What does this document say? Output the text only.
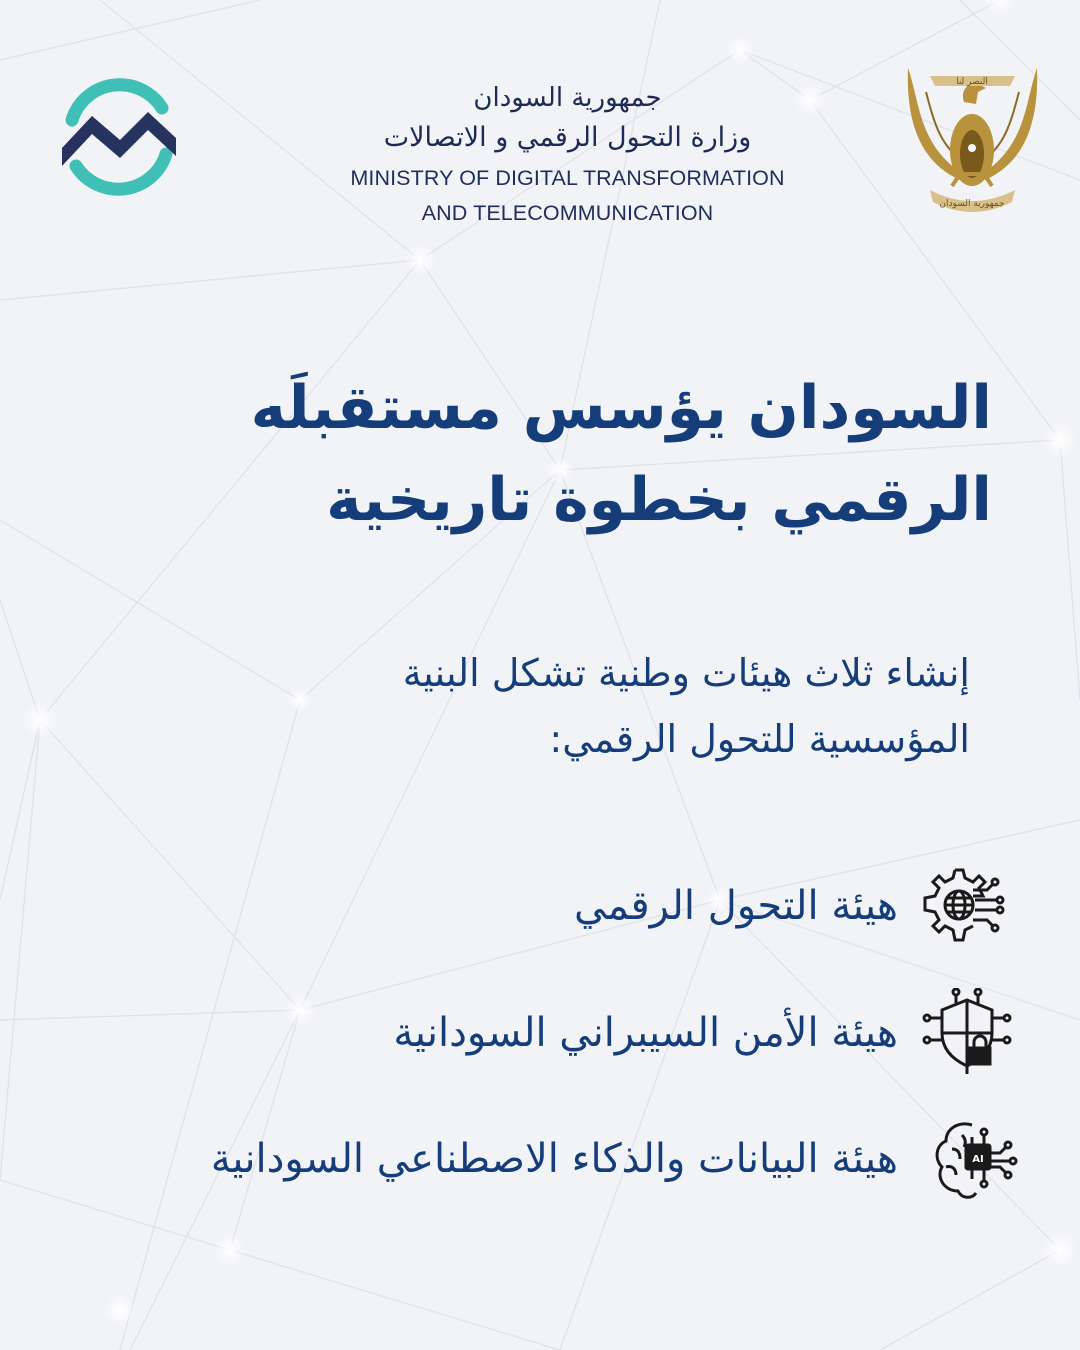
النصر لنا
جمهورية السودان
جمهورية السودان
وزارة التحول الرقمي و الاتصالات
MINISTRY OF DIGITAL TRANSFORMATION
AND TELECOMMUNICATION
السودان يؤسس مستقبلَه
الرقمي بخطوة تاريخية
إنشاء ثلاث هيئات وطنية تشكل البنية
المؤسسية للتحول الرقمي:
هيئة التحول الرقمي
هيئة الأمن السيبراني السودانية
هيئة البيانات والذكاء الاصطناعي السودانية	AI
